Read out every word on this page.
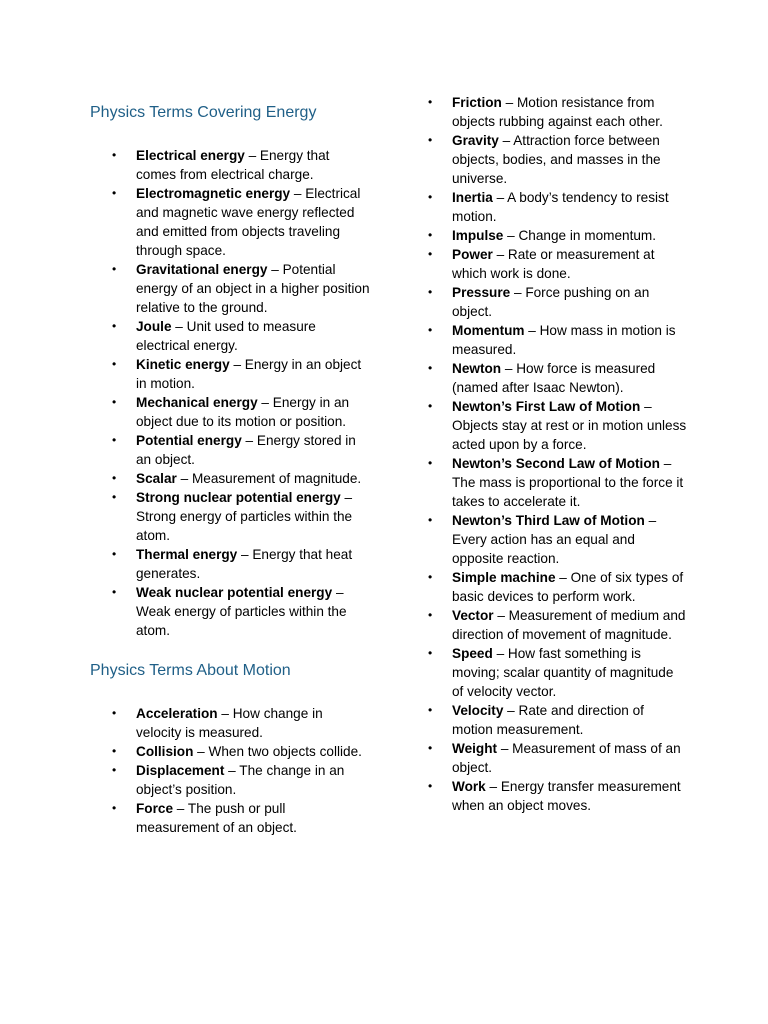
Physics Terms Covering Energy
• Electrical energy – Energy that comes from electrical charge.
• Electromagnetic energy – Electrical and magnetic wave energy reflected and emitted from objects traveling through space.
• Gravitational energy – Potential energy of an object in a higher position relative to the ground.
• Joule – Unit used to measure electrical energy.
• Kinetic energy – Energy in an object in motion.
• Mechanical energy – Energy in an object due to its motion or position.
• Potential energy – Energy stored in an object.
• Scalar – Measurement of magnitude.
• Strong nuclear potential energy – Strong energy of particles within the atom.
• Thermal energy – Energy that heat generates.
• Weak nuclear potential energy – Weak energy of particles within the atom.
Physics Terms About Motion
• Acceleration – How change in velocity is measured.
• Collision – When two objects collide.
• Displacement – The change in an object’s position.
• Force – The push or pull measurement of an object.
• Friction – Motion resistance from objects rubbing against each other.
• Gravity – Attraction force between objects, bodies, and masses in the universe.
• Inertia – A body’s tendency to resist motion.
• Impulse – Change in momentum.
• Power – Rate or measurement at which work is done.
• Pressure – Force pushing on an object.
• Momentum – How mass in motion is measured.
• Newton – How force is measured (named after Isaac Newton).
• Newton’s First Law of Motion – Objects stay at rest or in motion unless acted upon by a force.
• Newton’s Second Law of Motion – The mass is proportional to the force it takes to accelerate it.
• Newton’s Third Law of Motion – Every action has an equal and opposite reaction.
• Simple machine – One of six types of basic devices to perform work.
• Vector – Measurement of medium and direction of movement of magnitude.
• Speed – How fast something is moving; scalar quantity of magnitude of velocity vector.
• Velocity – Rate and direction of motion measurement.
• Weight – Measurement of mass of an object.
• Work – Energy transfer measurement when an object moves.
